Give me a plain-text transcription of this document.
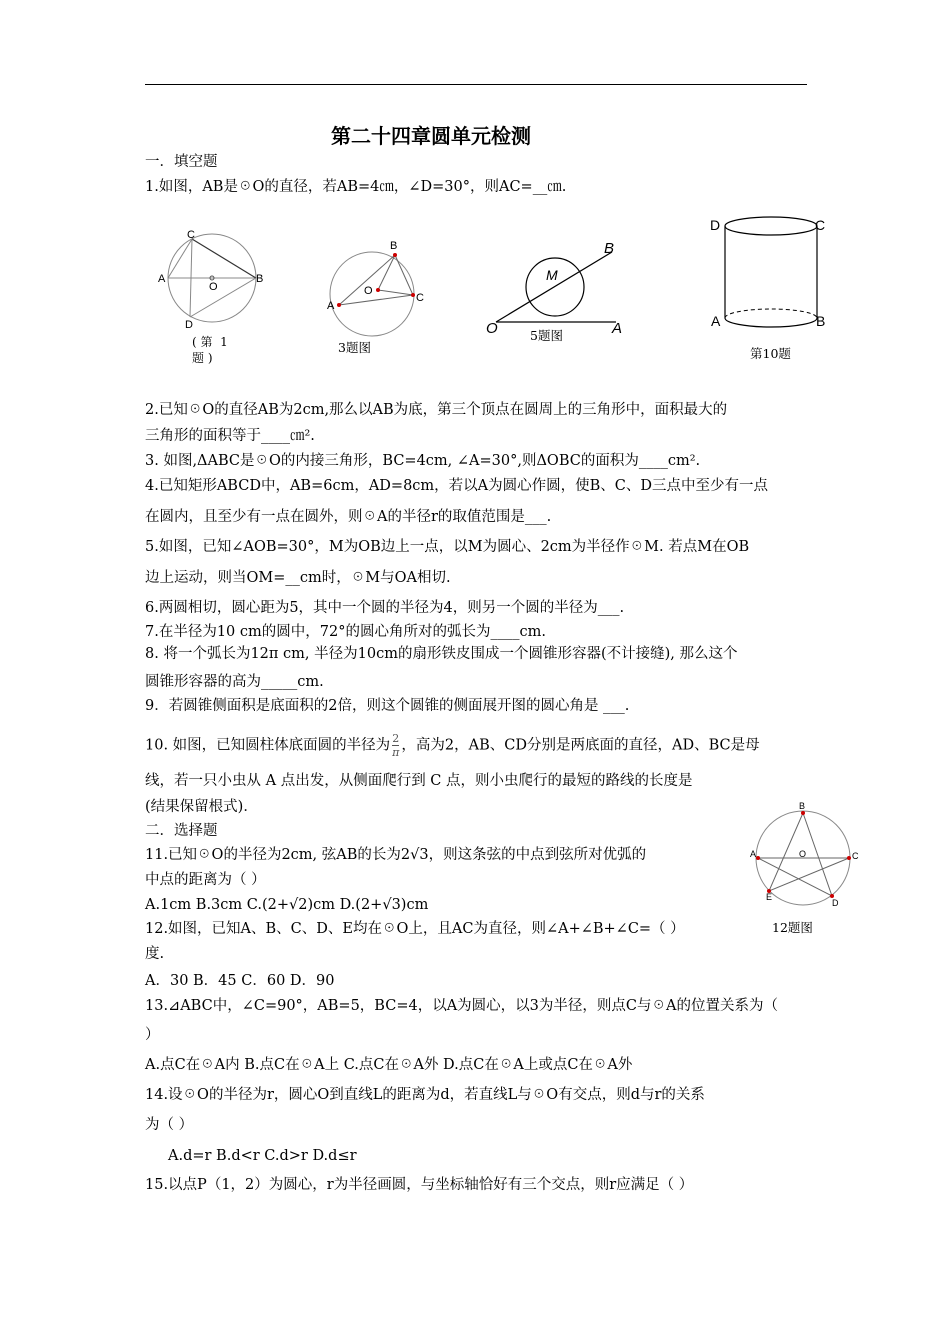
第二十四章圆单元检测
一．填空题
1.如图，AB是☉O的直径，若AB=4㎝，∠D=30°，则AC=__㎝.
C
A
O
B
D
( 第  1
题 )
B
O
C
A
3题图
M
B
O	A
5题图
D	C
A	B
第10题
2.已知☉O的直径AB为2cm,那么以AB为底，第三个顶点在圆周上的三角形中，面积最大的
三角形的面积等于____㎝².
3. 如图,ΔABC是☉O的内接三角形，BC=4cm, ∠A=30°,则ΔOBC的面积为____cm².
4.已知矩形ABCD中，AB=6cm，AD=8cm，若以A为圆心作圆，使B、C、D三点中至少有一点
在圆内，且至少有一点在圆外，则☉A的半径r的取值范围是___.
5.如图，已知∠AOB=30°，M为OB边上一点，以M为圆心、2cm为半径作☉M. 若点M在OB
边上运动，则当OM=__cm时，☉M与OA相切.
6.两圆相切，圆心距为5，其中一个圆的半径为4，则另一个圆的半径为___.
7.在半径为10 cm的圆中，72°的圆心角所对的弧长为____cm.
8. 将一个弧长为12π cm, 半径为10cm的扇形铁皮围成一个圆锥形容器(不计接缝), 那么这个
圆锥形容器的高为_____cm.
9．若圆锥侧面积是底面积的2倍，则这个圆锥的侧面展开图的圆心角是 ___.
10. 如图，已知圆柱体底面圆的半径为 $\frac{2}{\pi}$ ，高为2，AB、CD分别是两底面的直径，AD、BC是母
线，若一只小虫从 A 点出发，从侧面爬行到 C 点，则小虫爬行的最短的路线的长度是
(结果保留根式)．
二．选择题
11.已知☉O的半径为2cm, 弦AB的长为2√3，则这条弦的中点到弦所对优弧的
中点的距离为（ ）
A.1cm B.3cm C.(2+√2)cm D.(2+√3)cm
12.如图，已知A、B、C、D、E均在☉O上，且AC为直径，则∠A+∠B+∠C=（ ）
度.
B
A	O	C
E
D
12题图
A．30 B．45 C．60 D．90
13.⊿ABC中，∠C=90°，AB=5，BC=4，以A为圆心，以3为半径，则点C与☉A的位置关系为（
）
A.点C在☉A内 B.点C在☉A上 C.点C在☉A外 D.点C在☉A上或点C在☉A外
14.设☉O的半径为r，圆心O到直线L的距离为d，若直线L与☉O有交点，则d与r的关系
为（ ）
A.d=r B.d<r C.d>r D.d≤r
15.以点P（1，2）为圆心，r为半径画圆，与坐标轴恰好有三个交点，则r应满足（ ）
